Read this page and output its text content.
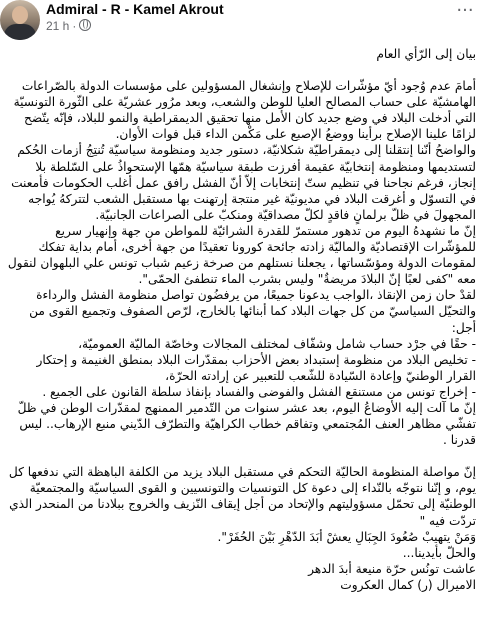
Admiral - R - Kamel Akrout
21 h ·
···

بيان إلى الرّأي العام

أمامَ عدم وُجود أيّ مؤشّرات للإصلاح وإنشغال المسؤولين على مؤسسات الدولة بالصّراعات الهامشيّة على حساب المصالح العليا للوطن والشعب، وبعد مرُور عشريّة على الثّورة التونسيّة التي أدخلت البلاد في وضع جديد كان الأمل منها تحقيق الديمقراطية والنمو للبلاد، فإنّه يتّضح لزامًا علينا الإصلاح برأينا ووضعُ الإصبع على مَكْمن الداء قبل فوات الأوان.

والواضحُ أنّنا إنتقلنا إلى ديمقراطيّة شكلانيّة، دستور جديد ومنظومة سياسيّة تُنتِجُ أزمات الحُكم لتستديمها ومنظومة إنتخابيّة عقيمة أفرزت طبقة سياسيّة همّها الإستحواذُ على السّلطة بلا إنجاز، فرغم نجاحنا في تنظيم ستّ إنتخابات إلاّ أنّ الفشل رافق عمل أغلب الحكومات فأمعنت في التسوّل و أغرقت البلاد في مديونيّة غير منتجة إرتهنت بها مستقبل الشعب لتتركهُ يُواجه المجهولَ في ظلّ برلمانٍ فاقدٍ لكلّ مصداقيّة ومنكبّ على الصراعات الجانبيّة.

إنّ ما نشهدهُ اليوم من تدهور مستمرّ للقدرة الشرائيّة للمواطن من جهة وإنهيار سريع للمؤشّرات الإقتصاديّة والماليّة زادته جائحة كورونا تعقيدًا من جهة أخرى، أمام بداية تفكك لمقومات الدولة ومؤسّساتها ، يجعلنا نستلهم من صرخة زعيم شباب تونس علي البلهوان لنقول معه "كفى لعبًا إنّ البلادَ مريضةٌ" وليس بشرب الماء تنطفئ الحمّى".

لقدْ حان زمن الإنقاذ ،الواجب يدعونا جميعًا، من يرفضُون تواصل منظومة الفشل والرداءة والتحيّل السياسيّ من كل جهات البلاد كما أبنائها بالخارج، لرّص الصفوف وتجميع القوى من أجل:

- حقًا في جرْد حساب شامل وشفّاف لمختلف المجالات وخاصّة الماليّة العموميّة،

- تخليص البلاد من منظومة إستبداد بعض الأحزاب بمقدّرات البلاد بمنطق الغنيمة و إحتكار القرار الوطنيّ وإعادة السّيادة للشّعب للتعبير عن إرادته الحرّة،

- إخراج تونس من مستنقع الفشل والفوضى والفساد بإنفاذ سلطة القانون على الجميع .

إنّ ما آلت إليه الأوضاعُ اليوم، بعد عشر سنوات من التّدمير الممنهج لمقدّرات الوطن في ظلّ تفشّي مظاهر العنف المُجتمعي وتفاقم خطاب الكراهيّة والتطرّف الدّيني منبع الإرهاب.. ليس قدرنا .

إنّ مواصلة المنظومة الحاليّة التحكم في مستقبل البلاد يزيد من الكلفة الباهظة التي ندفعها كل يوم، و إنّنا نتوجّه بالنّداء إلى دعوة كل التونسيات والتونسيين و القوى السياسيّة والمجتمعيّة الوطنيّة إلى تحمّل مسؤوليتهم والإتحاد من أجل إيقاف النّزيف والخروج ببلادنا من المنحدر الذي تردّت فيه "

وَمَنْ يتهيبْ صُعُودَ الجِبَالِ يعشْ أبَدَ الدّهْرِ بَيْنَ الحُفَرْ".

والحلّ بأيدينا...

عاشت تونُس حرّة منيعة أبدَ الدهر

الاميرال (ر) كمال العكروت
